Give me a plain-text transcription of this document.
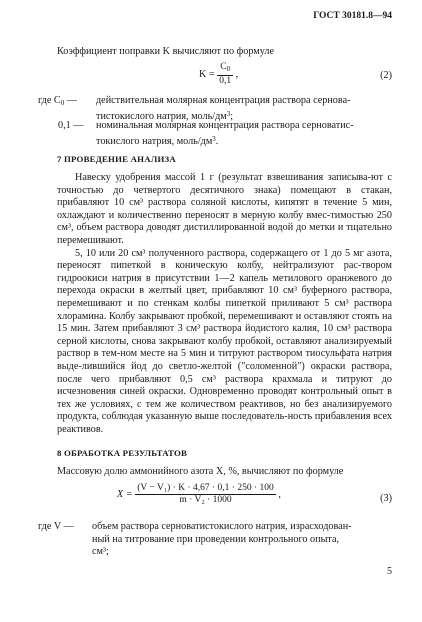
ГОСТ 30181.8—94
Коэффициент поправки K вычисляют по формуле
$K = \frac{C_0}{0,1}$ ,	(2)
где $C_0$ — действительная молярная концентрация раствора сернова-
тистокислого натрия, моль/$дм^3$;
0,1 — номинальная молярная концентрация раствора серноватис-
токислого натрия, моль/$дм^3$.
7 ПРОВЕДЕНИЕ АНАЛИЗА

Навеску удобрения массой 1 г (результат взвешивания записыва-ют с точностью до четвертого десятичного знака) помещают в стакан, прибавляют 10 см³ раствора соляной кислоты, кипятят в течение 5 мин, охлаждают и количественно переносят в мерную колбу вмес-тимостью 250 см³, объем раствора доводят дистиллированной водой до метки и тщательно перемешивают.

5, 10 или 20 см³ полученного раствора, содержащего от 1 до 5 мг азота, переносят пипеткой в коническую колбу, нейтрализуют рас-твором гидроокиси натрия в присутствии 1—2 капель метилового оранжевого до перехода окраски в желтый цвет, прибавляют 10 см³ буферного раствора, перемешивают и по стенкам колбы пипеткой приливают 5 см³ раствора хлорамина. Колбу закрывают пробкой, перемешивают и оставляют стоять на 15 мин. Затем прибавляют 3 см³ раствора йодистого калия, 10 см³ раствора серной кислоты, снова закрывают колбу пробкой, оставляют анализируемый раствор в тем-ном месте на 5 мин и титруют раствором тиосульфата натрия выде-лившийся йод до светло-желтой ("соломенной") окраски раствора, после чего прибавляют 0,5 см³ раствора крахмала и титруют до исчезновения синей окраски. Одновременно проводят контрольный опыт в тех же условиях, с тем же количеством реактивов, но без анализируемого продукта, соблюдая указанную выше последователь-ность прибавления всех реактивов.

8 ОБРАБОТКА РЕЗУЛЬТАТОВ
Массовую долю аммонийного азота X, %, вычисляют по формуле
$X = \frac{\text{(V − V₁) · K · 4,67 · 0,1 · 250 · 100}}{\text{m · V₂ · 1000}}$ ,	(3)
где V — объем раствора серноватистокислого натрия, израсходован-
ный на титрование при проведении контрольного опыта,
см³;
5
